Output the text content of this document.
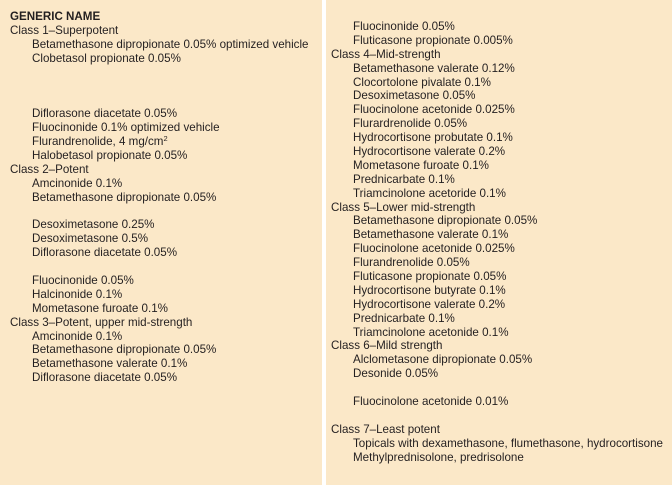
GENERIC NAME
Class 1–Superpotent
Betamethasone dipropionate 0.05% optimized vehicle
Clobetasol propionate 0.05%
Diflorasone diacetate 0.05%
Fluocinonide 0.1% optimized vehicle
Flurandrenolide, 4 $mg/cm^2$
Halobetasol propionate 0.05%
Class 2–Potent
Amcinonide 0.1%
Betamethasone dipropionate 0.05%
Desoximetasone 0.25%
Desoximetasone 0.5%
Diflorasone diacetate 0.05%
Fluocinonide 0.05%
Halcinonide 0.1%
Mometasone furoate 0.1%
Class 3–Potent, upper mid-strength
Amcinonide 0.1%
Betamethasone dipropionate 0.05%
Betamethasone valerate 0.1%
Diflorasone diacetate 0.05%
Fluocinonide 0.05%
Fluticasone propionate 0.005%
Class 4–Mid-strength
Betamethasone valerate 0.12%
Clocortolone pivalate 0.1%
Desoximetasone 0.05%
Fluocinolone acetonide 0.025%
Flurardrenolide 0.05%
Hydrocortisone probutate 0.1%
Hydrocortisone valerate 0.2%
Mometasone furoate 0.1%
Prednicarbate 0.1%
Triamcinolone acetoride 0.1%
Class 5–Lower mid-strength
Betamethasone dipropionate 0.05%
Betamethasone valerate 0.1%
Fluocinolone acetonide 0.025%
Flurandrenolide 0.05%
Fluticasone propionate 0.05%
Hydrocortisone butyrate 0.1%
Hydrocortisone valerate 0.2%
Prednicarbate 0.1%
Triamcinolone acetonide 0.1%
Class 6–Mild strength
Alclometasone dipropionate 0.05%
Desonide 0.05%
Fluocinolone acetonide 0.01%
Class 7–Least potent
Topicals with dexamethasone, flumethasone, hydrocortisone
Methylprednisolone, predrisolone
